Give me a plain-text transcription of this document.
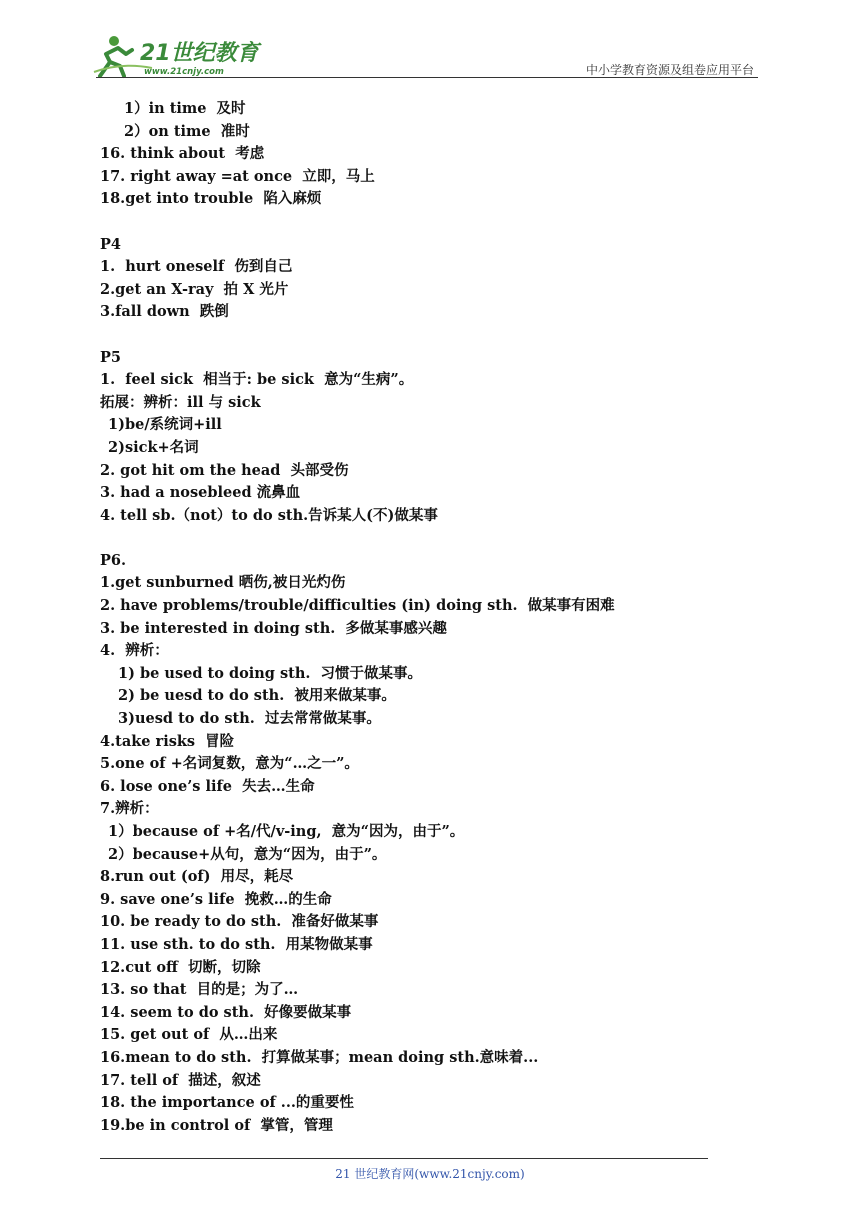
21世纪教育
www.21cnjy.com	中小学教育资源及组卷应用平台
1）in time  及时
2）on time  准时
16. think about  考虑
17. right away =at once  立即，马上
18.get into trouble  陷入麻烦
P4
1.  hurt oneself  伤到自己
2.get an X-ray  拍 X 光片
3.fall down  跌倒
P5
1.  feel sick  相当于: be sick  意为“生病”。
拓展：辨析：ill 与 sick
1)be/系统词+ill
2)sick+名词
2. got hit om the head  头部受伤
3. had a nosebleed 流鼻血
4. tell sb.（not）to do sth.告诉某人(不)做某事
P6.
1.get sunburned 晒伤,被日光灼伤
2. have problems/trouble/difficulties (in) doing sth.  做某事有困难
3. be interested in doing sth.  多做某事感兴趣
4.  辨析：
1) be used to doing sth.  习惯于做某事。
2) be uesd to do sth.  被用来做某事。
3)uesd to do sth.  过去常常做某事。
4.take risks  冒险
5.one of +名词复数，意为“…之一”。
6. lose one’s life  失去…生命
7.辨析：
1）because of +名/代/v-ing,  意为“因为，由于”。
2）because+从句，意为“因为，由于”。
8.run out (of)  用尽，耗尽
9. save one’s life  挽救…的生命
10. be ready to do sth.  准备好做某事
11. use sth. to do sth.  用某物做某事
12.cut off  切断，切除
13. so that  目的是；为了…
14. seem to do sth.  好像要做某事
15. get out of  从…出来
16.mean to do sth.  打算做某事；mean doing sth.意味着...
17. tell of  描述，叙述
18. the importance of ...的重要性
19.be in control of  掌管，管理
21 世纪教育网(www.21cnjy.com)
